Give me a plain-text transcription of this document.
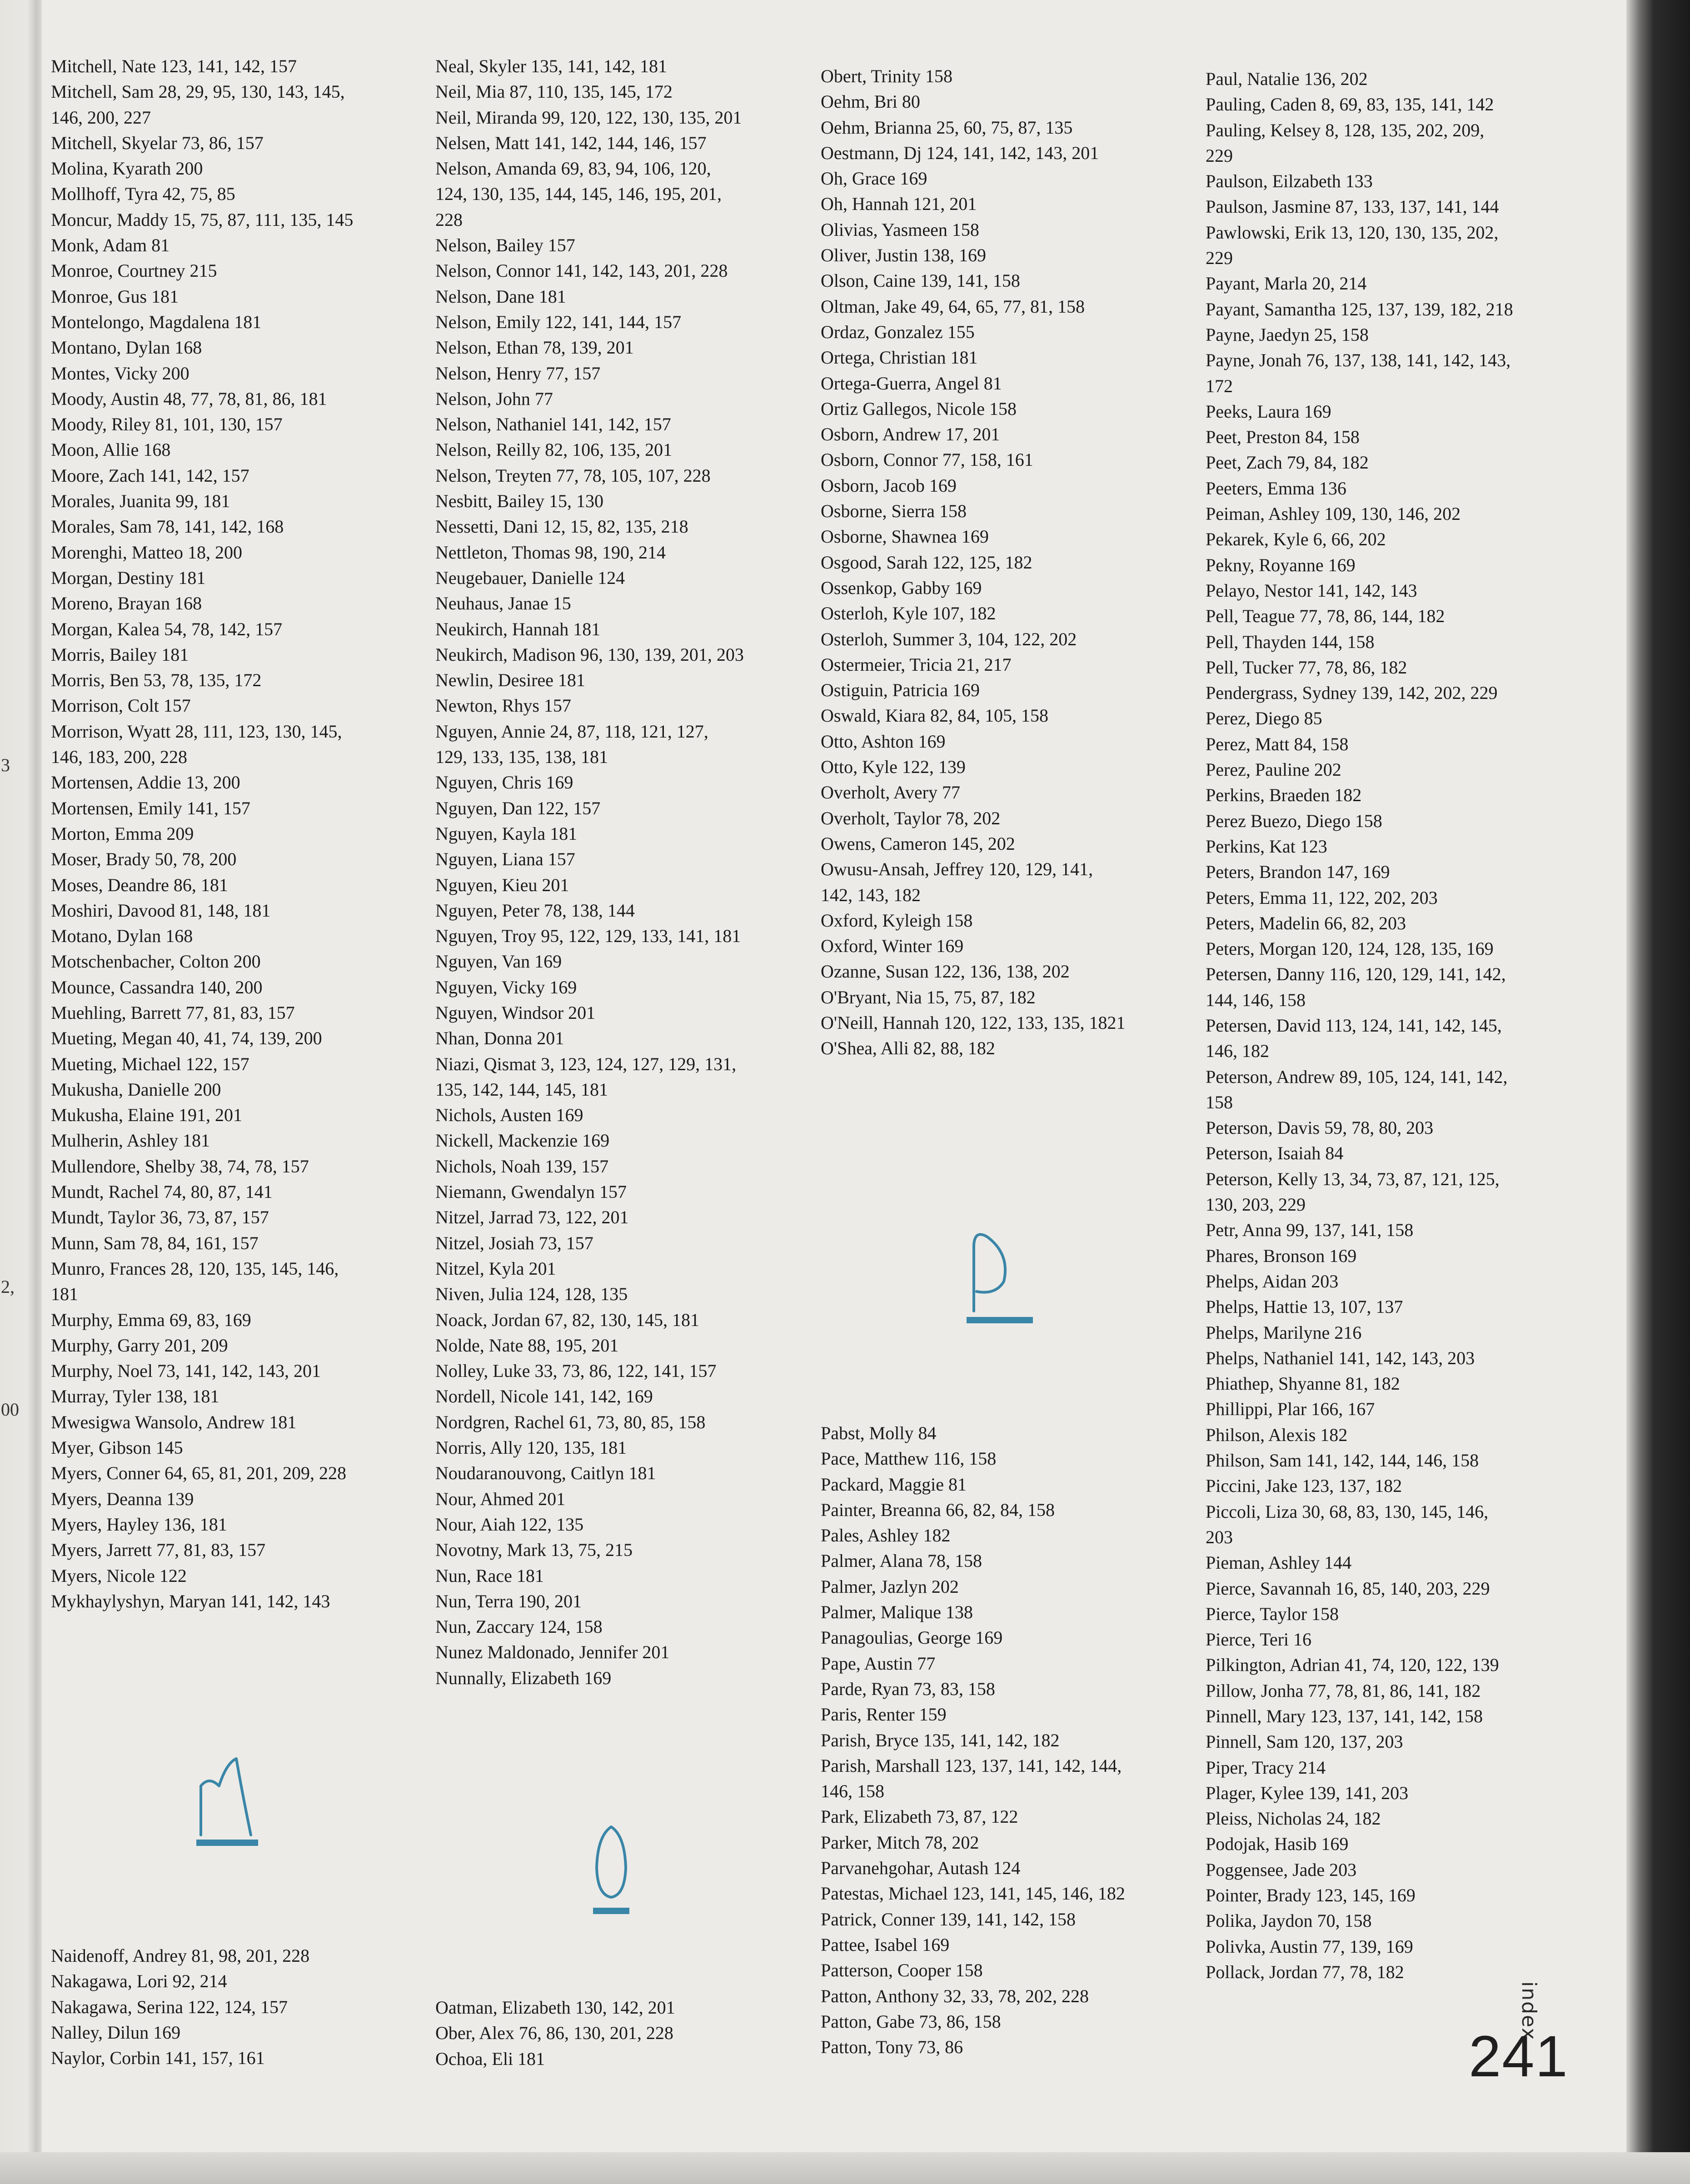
3
2,
00
Mitchell, Nate 123, 141, 142, 157
Mitchell, Sam 28, 29, 95, 130, 143, 145,
146, 200, 227
Mitchell, Skyelar 73, 86, 157
Molina, Kyarath 200
Mollhoff, Tyra 42, 75, 85
Moncur, Maddy 15, 75, 87, 111, 135, 145
Monk, Adam 81
Monroe, Courtney 215
Monroe, Gus 181
Montelongo, Magdalena 181
Montano, Dylan 168
Montes, Vicky 200
Moody, Austin 48, 77, 78, 81, 86, 181
Moody, Riley 81, 101, 130, 157
Moon, Allie 168
Moore, Zach 141, 142, 157
Morales, Juanita 99, 181
Morales, Sam 78, 141, 142, 168
Morenghi, Matteo 18, 200
Morgan, Destiny 181
Moreno, Brayan 168
Morgan, Kalea 54, 78, 142, 157
Morris, Bailey 181
Morris, Ben 53, 78, 135, 172
Morrison, Colt 157
Morrison, Wyatt 28, 111, 123, 130, 145,
146, 183, 200, 228
Mortensen, Addie 13, 200
Mortensen, Emily 141, 157
Morton, Emma 209
Moser, Brady 50, 78, 200
Moses, Deandre 86, 181
Moshiri, Davood 81, 148, 181
Motano, Dylan 168
Motschenbacher, Colton 200
Mounce, Cassandra 140, 200
Muehling, Barrett 77, 81, 83, 157
Mueting, Megan 40, 41, 74, 139, 200
Mueting, Michael 122, 157
Mukusha, Danielle 200
Mukusha, Elaine 191, 201
Mulherin, Ashley 181
Mullendore, Shelby 38, 74, 78, 157
Mundt, Rachel 74, 80, 87, 141
Mundt, Taylor 36, 73, 87, 157
Munn, Sam 78, 84, 161, 157
Munro, Frances 28, 120, 135, 145, 146,
181
Murphy, Emma 69, 83, 169
Murphy, Garry 201, 209
Murphy, Noel 73, 141, 142, 143, 201
Murray, Tyler 138, 181
Mwesigwa Wansolo, Andrew 181
Myer, Gibson 145
Myers, Conner 64, 65, 81, 201, 209, 228
Myers, Deanna 139
Myers, Hayley 136, 181
Myers, Jarrett 77, 81, 83, 157
Myers, Nicole 122
Mykhaylyshyn, Maryan 141, 142, 143
Naidenoff, Andrey 81, 98, 201, 228
Nakagawa, Lori 92, 214
Nakagawa, Serina 122, 124, 157
Nalley, Dilun 169
Naylor, Corbin 141, 157, 161
Neal, Skyler 135, 141, 142, 181
Neil, Mia 87, 110, 135, 145, 172
Neil, Miranda 99, 120, 122, 130, 135, 201
Nelsen, Matt 141, 142, 144, 146, 157
Nelson, Amanda 69, 83, 94, 106, 120,
124, 130, 135, 144, 145, 146, 195, 201,
228
Nelson, Bailey 157
Nelson, Connor 141, 142, 143, 201, 228
Nelson, Dane 181
Nelson, Emily 122, 141, 144, 157
Nelson, Ethan 78, 139, 201
Nelson, Henry 77, 157
Nelson, John 77
Nelson, Nathaniel 141, 142, 157
Nelson, Reilly 82, 106, 135, 201
Nelson, Treyten 77, 78, 105, 107, 228
Nesbitt, Bailey 15, 130
Nessetti, Dani 12, 15, 82, 135, 218
Nettleton, Thomas 98, 190, 214
Neugebauer, Danielle 124
Neuhaus, Janae 15
Neukirch, Hannah 181
Neukirch, Madison 96, 130, 139, 201, 203
Newlin, Desiree 181
Newton, Rhys 157
Nguyen, Annie 24, 87, 118, 121, 127,
129, 133, 135, 138, 181
Nguyen, Chris 169
Nguyen, Dan 122, 157
Nguyen, Kayla 181
Nguyen, Liana 157
Nguyen, Kieu 201
Nguyen, Peter 78, 138, 144
Nguyen, Troy 95, 122, 129, 133, 141, 181
Nguyen, Van 169
Nguyen, Vicky 169
Nguyen, Windsor 201
Nhan, Donna 201
Niazi, Qismat 3, 123, 124, 127, 129, 131,
135, 142, 144, 145, 181
Nichols, Austen 169
Nickell, Mackenzie 169
Nichols, Noah 139, 157
Niemann, Gwendalyn 157
Nitzel, Jarrad 73, 122, 201
Nitzel, Josiah 73, 157
Nitzel, Kyla 201
Niven, Julia 124, 128, 135
Noack, Jordan 67, 82, 130, 145, 181
Nolde, Nate 88, 195, 201
Nolley, Luke 33, 73, 86, 122, 141, 157
Nordell, Nicole 141, 142, 169
Nordgren, Rachel 61, 73, 80, 85, 158
Norris, Ally 120, 135, 181
Noudaranouvong, Caitlyn 181
Nour, Ahmed 201
Nour, Aiah 122, 135
Novotny, Mark 13, 75, 215
Nun, Race 181
Nun, Terra 190, 201
Nun, Zaccary 124, 158
Nunez Maldonado, Jennifer 201
Nunnally, Elizabeth 169
Oatman, Elizabeth 130, 142, 201
Ober, Alex 76, 86, 130, 201, 228
Ochoa, Eli 181
Obert, Trinity 158
Oehm, Bri 80
Oehm, Brianna 25, 60, 75, 87, 135
Oestmann, Dj 124, 141, 142, 143, 201
Oh, Grace 169
Oh, Hannah 121, 201
Olivias, Yasmeen 158
Oliver, Justin 138, 169
Olson, Caine 139, 141, 158
Oltman, Jake 49, 64, 65, 77, 81, 158
Ordaz, Gonzalez 155
Ortega, Christian 181
Ortega-Guerra, Angel 81
Ortiz Gallegos, Nicole 158
Osborn, Andrew 17, 201
Osborn, Connor 77, 158, 161
Osborn, Jacob 169
Osborne, Sierra 158
Osborne, Shawnea 169
Osgood, Sarah 122, 125, 182
Ossenkop, Gabby 169
Osterloh, Kyle 107, 182
Osterloh, Summer 3, 104, 122, 202
Ostermeier, Tricia 21, 217
Ostiguin, Patricia 169
Oswald, Kiara 82, 84, 105, 158
Otto, Ashton 169
Otto, Kyle 122, 139
Overholt, Avery 77
Overholt, Taylor 78, 202
Owens, Cameron 145, 202
Owusu-Ansah, Jeffrey 120, 129, 141,
142, 143, 182
Oxford, Kyleigh 158
Oxford, Winter 169
Ozanne, Susan 122, 136, 138, 202
O'Bryant, Nia 15, 75, 87, 182
O'Neill, Hannah 120, 122, 133, 135, 1821
O'Shea, Alli 82, 88, 182
Pabst, Molly 84
Pace, Matthew 116, 158
Packard, Maggie 81
Painter, Breanna 66, 82, 84, 158
Pales, Ashley 182
Palmer, Alana 78, 158
Palmer, Jazlyn 202
Palmer, Malique 138
Panagoulias, George 169
Pape, Austin 77
Parde, Ryan 73, 83, 158
Paris, Renter 159
Parish, Bryce 135, 141, 142, 182
Parish, Marshall 123, 137, 141, 142, 144,
146, 158
Park, Elizabeth 73, 87, 122
Parker, Mitch 78, 202
Parvanehgohar, Autash 124
Patestas, Michael 123, 141, 145, 146, 182
Patrick, Conner 139, 141, 142, 158
Pattee, Isabel 169
Patterson, Cooper 158
Patton, Anthony 32, 33, 78, 202, 228
Patton, Gabe 73, 86, 158
Patton, Tony 73, 86
Paul, Natalie 136, 202
Pauling, Caden 8, 69, 83, 135, 141, 142
Pauling, Kelsey 8, 128, 135, 202, 209,
229
Paulson, Eilzabeth 133
Paulson, Jasmine 87, 133, 137, 141, 144
Pawlowski, Erik 13, 120, 130, 135, 202,
229
Payant, Marla 20, 214
Payant, Samantha 125, 137, 139, 182, 218
Payne, Jaedyn 25, 158
Payne, Jonah 76, 137, 138, 141, 142, 143,
172
Peeks, Laura 169
Peet, Preston 84, 158
Peet, Zach 79, 84, 182
Peeters, Emma 136
Peiman, Ashley 109, 130, 146, 202
Pekarek, Kyle 6, 66, 202
Pekny, Royanne 169
Pelayo, Nestor 141, 142, 143
Pell, Teague 77, 78, 86, 144, 182
Pell, Thayden 144, 158
Pell, Tucker 77, 78, 86, 182
Pendergrass, Sydney 139, 142, 202, 229
Perez, Diego 85
Perez, Matt 84, 158
Perez, Pauline 202
Perkins, Braeden 182
Perez Buezo, Diego 158
Perkins, Kat 123
Peters, Brandon 147, 169
Peters, Emma 11, 122, 202, 203
Peters, Madelin 66, 82, 203
Peters, Morgan 120, 124, 128, 135, 169
Petersen, Danny 116, 120, 129, 141, 142,
144, 146, 158
Petersen, David 113, 124, 141, 142, 145,
146, 182
Peterson, Andrew 89, 105, 124, 141, 142,
158
Peterson, Davis 59, 78, 80, 203
Peterson, Isaiah 84
Peterson, Kelly 13, 34, 73, 87, 121, 125,
130, 203, 229
Petr, Anna 99, 137, 141, 158
Phares, Bronson 169
Phelps, Aidan 203
Phelps, Hattie 13, 107, 137
Phelps, Marilyne 216
Phelps, Nathaniel 141, 142, 143, 203
Phiathep, Shyanne 81, 182
Phillippi, Plar 166, 167
Philson, Alexis 182
Philson, Sam 141, 142, 144, 146, 158
Piccini, Jake 123, 137, 182
Piccoli, Liza 30, 68, 83, 130, 145, 146,
203
Pieman, Ashley 144
Pierce, Savannah 16, 85, 140, 203, 229
Pierce, Taylor 158
Pierce, Teri 16
Pilkington, Adrian 41, 74, 120, 122, 139
Pillow, Jonha 77, 78, 81, 86, 141, 182
Pinnell, Mary 123, 137, 141, 142, 158
Pinnell, Sam 120, 137, 203
Piper, Tracy 214
Plager, Kylee 139, 141, 203
Pleiss, Nicholas 24, 182
Podojak, Hasib 169
Poggensee, Jade 203
Pointer, Brady 123, 145, 169
Polika, Jaydon 70, 158
Polivka, Austin 77, 139, 169
Pollack, Jordan 77, 78, 182
index
241
